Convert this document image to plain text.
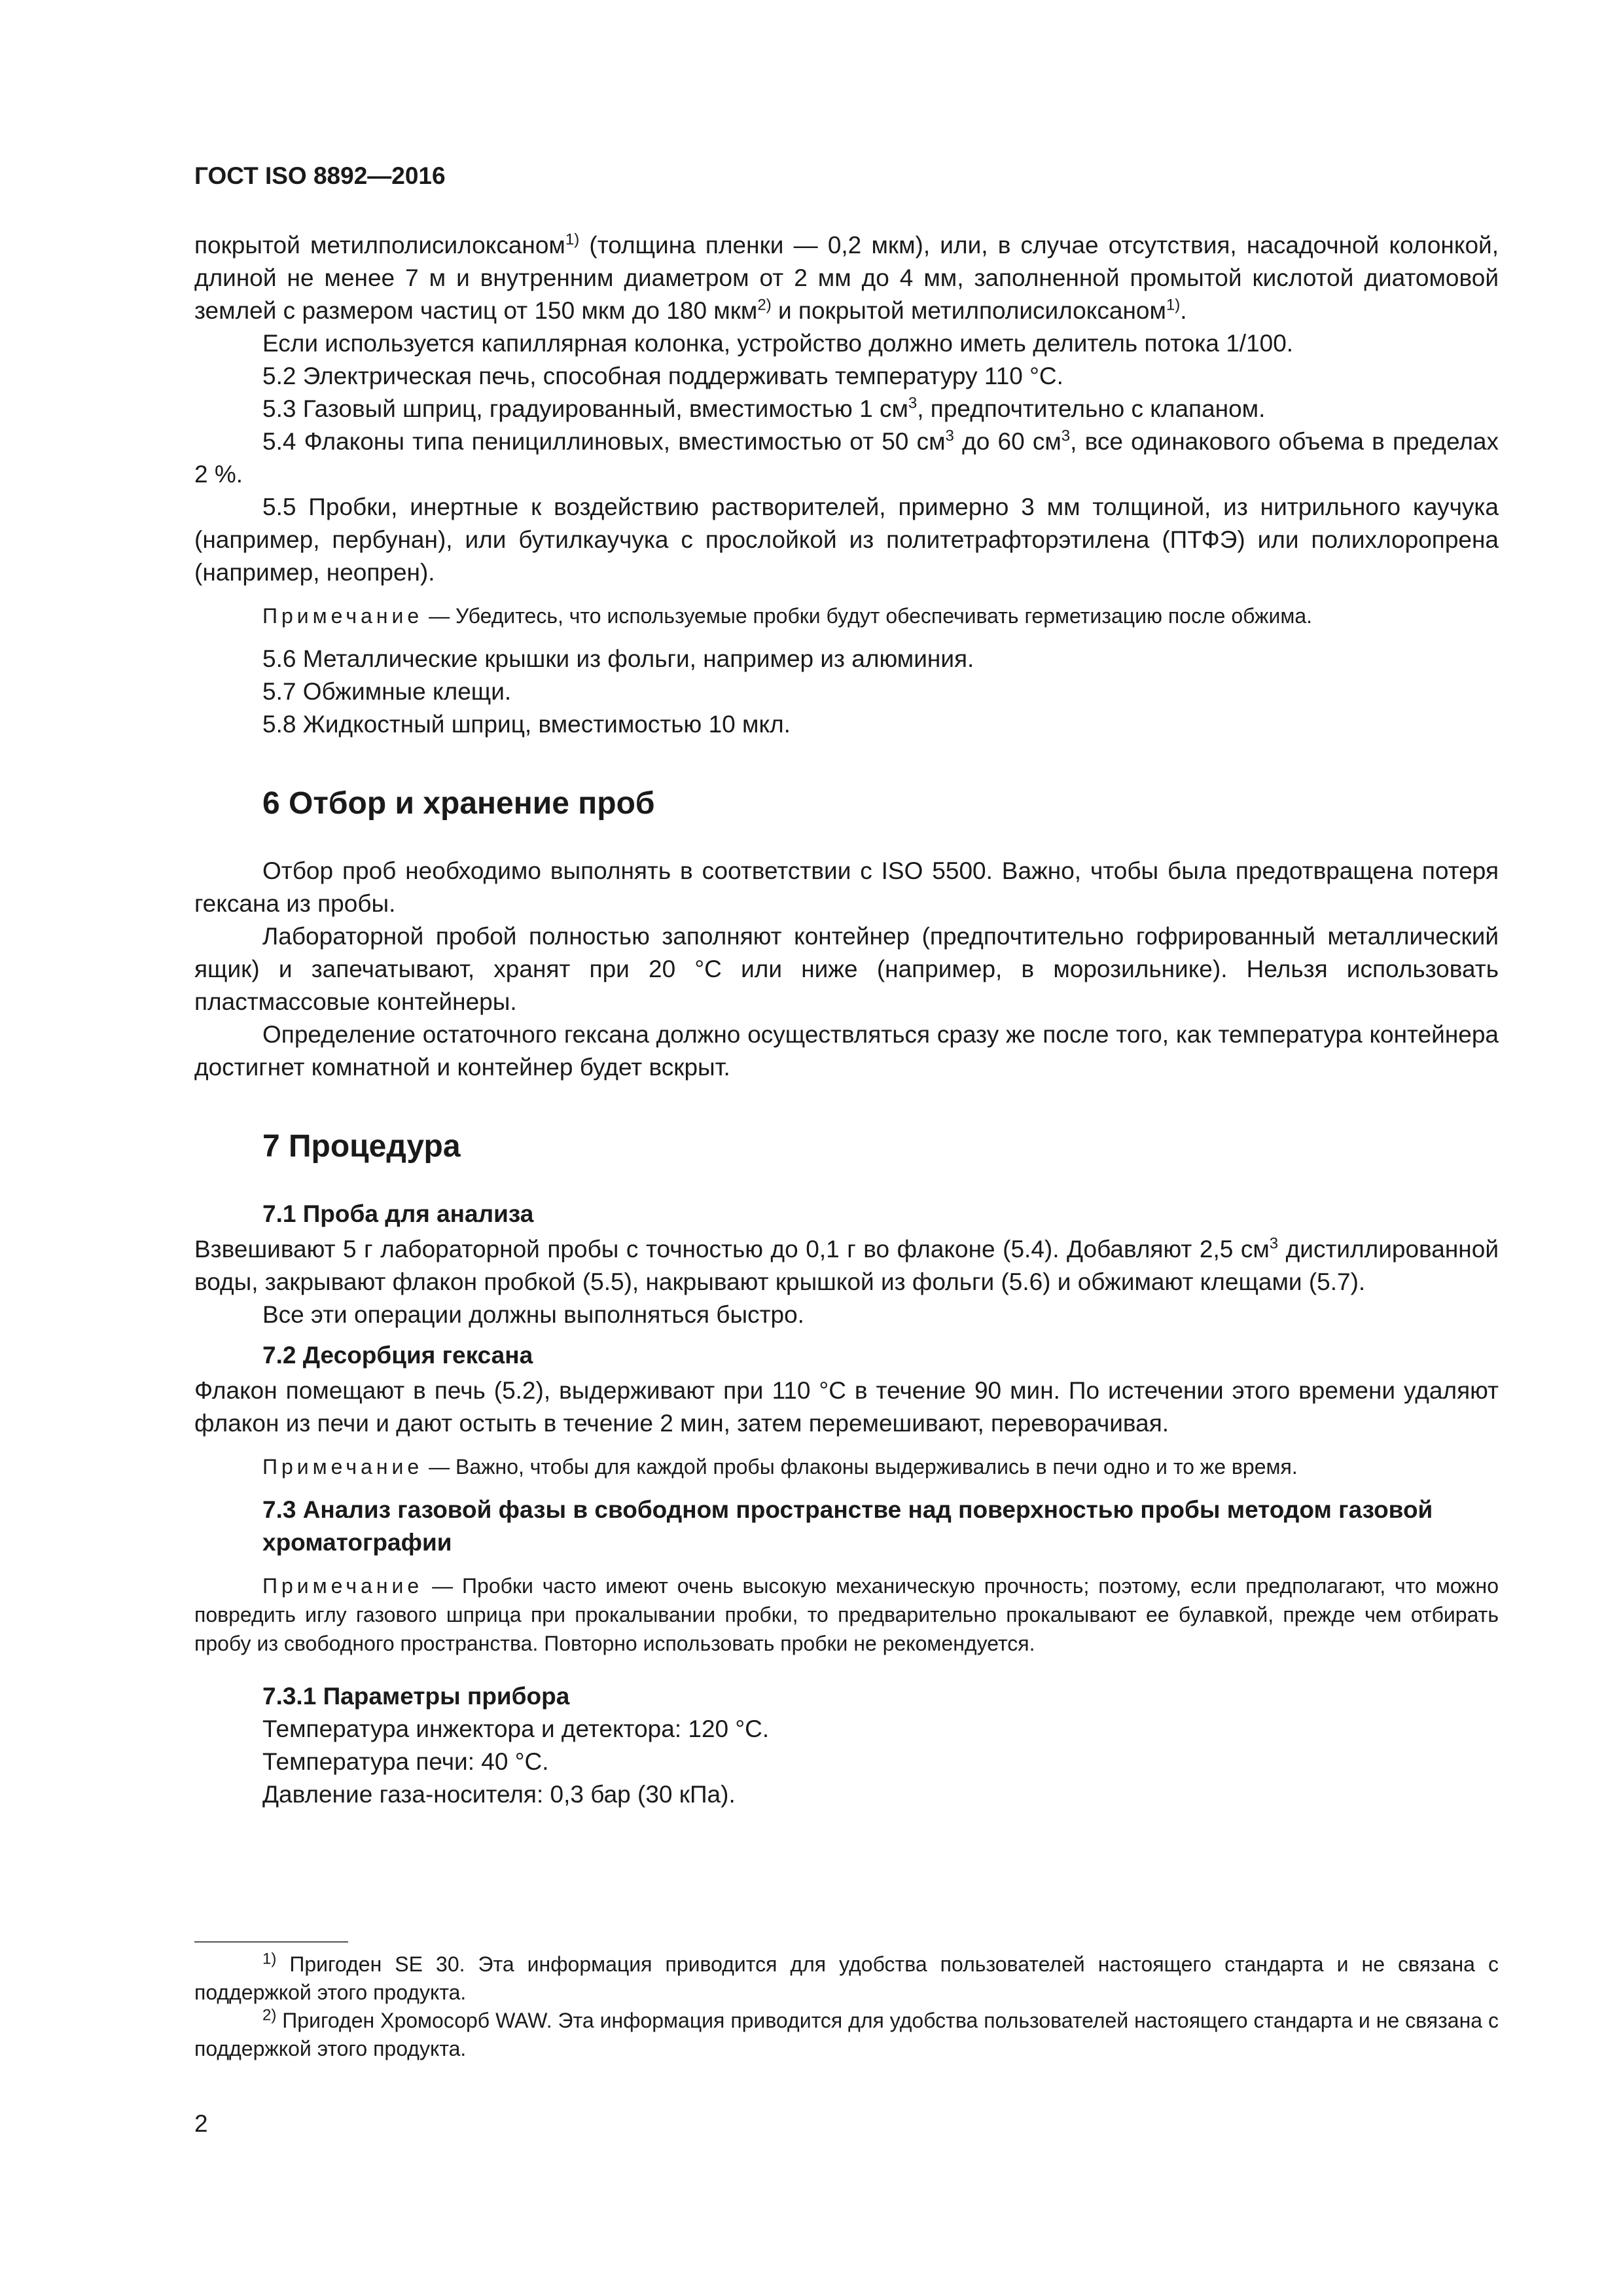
ГОСТ ISO 8892—2016

покрытой метилполисилоксаном$^{1)}$ (толщина пленки — 0,2 мкм), или, в случае отсутствия, насадочной колонкой, длиной не менее 7 м и внутренним диаметром от 2 мм до 4 мм, заполненной промытой кислотой диатомовой землей с размером частиц от 150 мкм до 180 мкм$^{2)}$ и покрытой метилполисилоксаном$^{1)}$.

Если используется капиллярная колонка, устройство должно иметь делитель потока 1/100.

5.2 Электрическая печь, способная поддерживать температуру 110 °С.

5.3 Газовый шприц, градуированный, вместимостью 1 $см^3$, предпочтительно с клапаном.

5.4 Флаконы типа пенициллиновых, вместимостью от 50 $см^3$ до 60 $см^3$, все одинакового объема в пределах 2 %.

5.5 Пробки, инертные к воздействию растворителей, примерно 3 мм толщиной, из нитрильного каучука (например, пербунан), или бутилкаучука с прослойкой из политетрафторэтилена (ПТФЭ) или полихлоропрена (например, неопрен).

Примечание — Убедитесь, что используемые пробки будут обеспечивать герметизацию после обжима.

5.6 Металлические крышки из фольги, например из алюминия.

5.7 Обжимные клещи.

5.8 Жидкостный шприц, вместимостью 10 мкл.

6 Отбор и хранение проб

Отбор проб необходимо выполнять в соответствии с ISO 5500. Важно, чтобы была предотвращена потеря гексана из пробы.

Лабораторной пробой полностью заполняют контейнер (предпочтительно гофрированный металлический ящик) и запечатывают, хранят при 20 °С или ниже (например, в морозильнике). Нельзя использовать пластмассовые контейнеры.

Определение остаточного гексана должно осуществляться сразу же после того, как температура контейнера достигнет комнатной и контейнер будет вскрыт.

7 Процедура
7.1 Проба для анализа

Взвешивают 5 г лабораторной пробы с точностью до 0,1 г во флаконе (5.4). Добавляют 2,5 $см^3$ дистиллированной воды, закрывают флакон пробкой (5.5), накрывают крышкой из фольги (5.6) и обжимают клещами (5.7).

Все эти операции должны выполняться быстро.

7.2 Десорбция гексана

Флакон помещают в печь (5.2), выдерживают при 110 °С в течение 90 мин. По истечении этого времени удаляют флакон из печи и дают остыть в течение 2 мин, затем перемешивают, переворачивая.

Примечание — Важно, чтобы для каждой пробы флаконы выдерживались в печи одно и то же время.

7.3 Анализ газовой фазы в свободном пространстве над поверхностью пробы методом газовой хроматографии

Примечание — Пробки часто имеют очень высокую механическую прочность; поэтому, если предполагают, что можно повредить иглу газового шприца при прокалывании пробки, то предварительно прокалывают ее булавкой, прежде чем отбирать пробу из свободного пространства. Повторно использовать пробки не рекомендуется.

7.3.1 Параметры прибора

Температура инжектора и детектора: 120 °С.

Температура печи: 40 °С.

Давление газа-носителя: 0,3 бар (30 кПа).

$^{1)}$ Пригоден SE 30. Эта информация приводится для удобства пользователей настоящего стандарта и не связана с поддержкой этого продукта.

$^{2)}$ Пригоден Хромосорб WAW. Эта информация приводится для удобства пользователей настоящего стандарта и не связана с поддержкой этого продукта.

2
